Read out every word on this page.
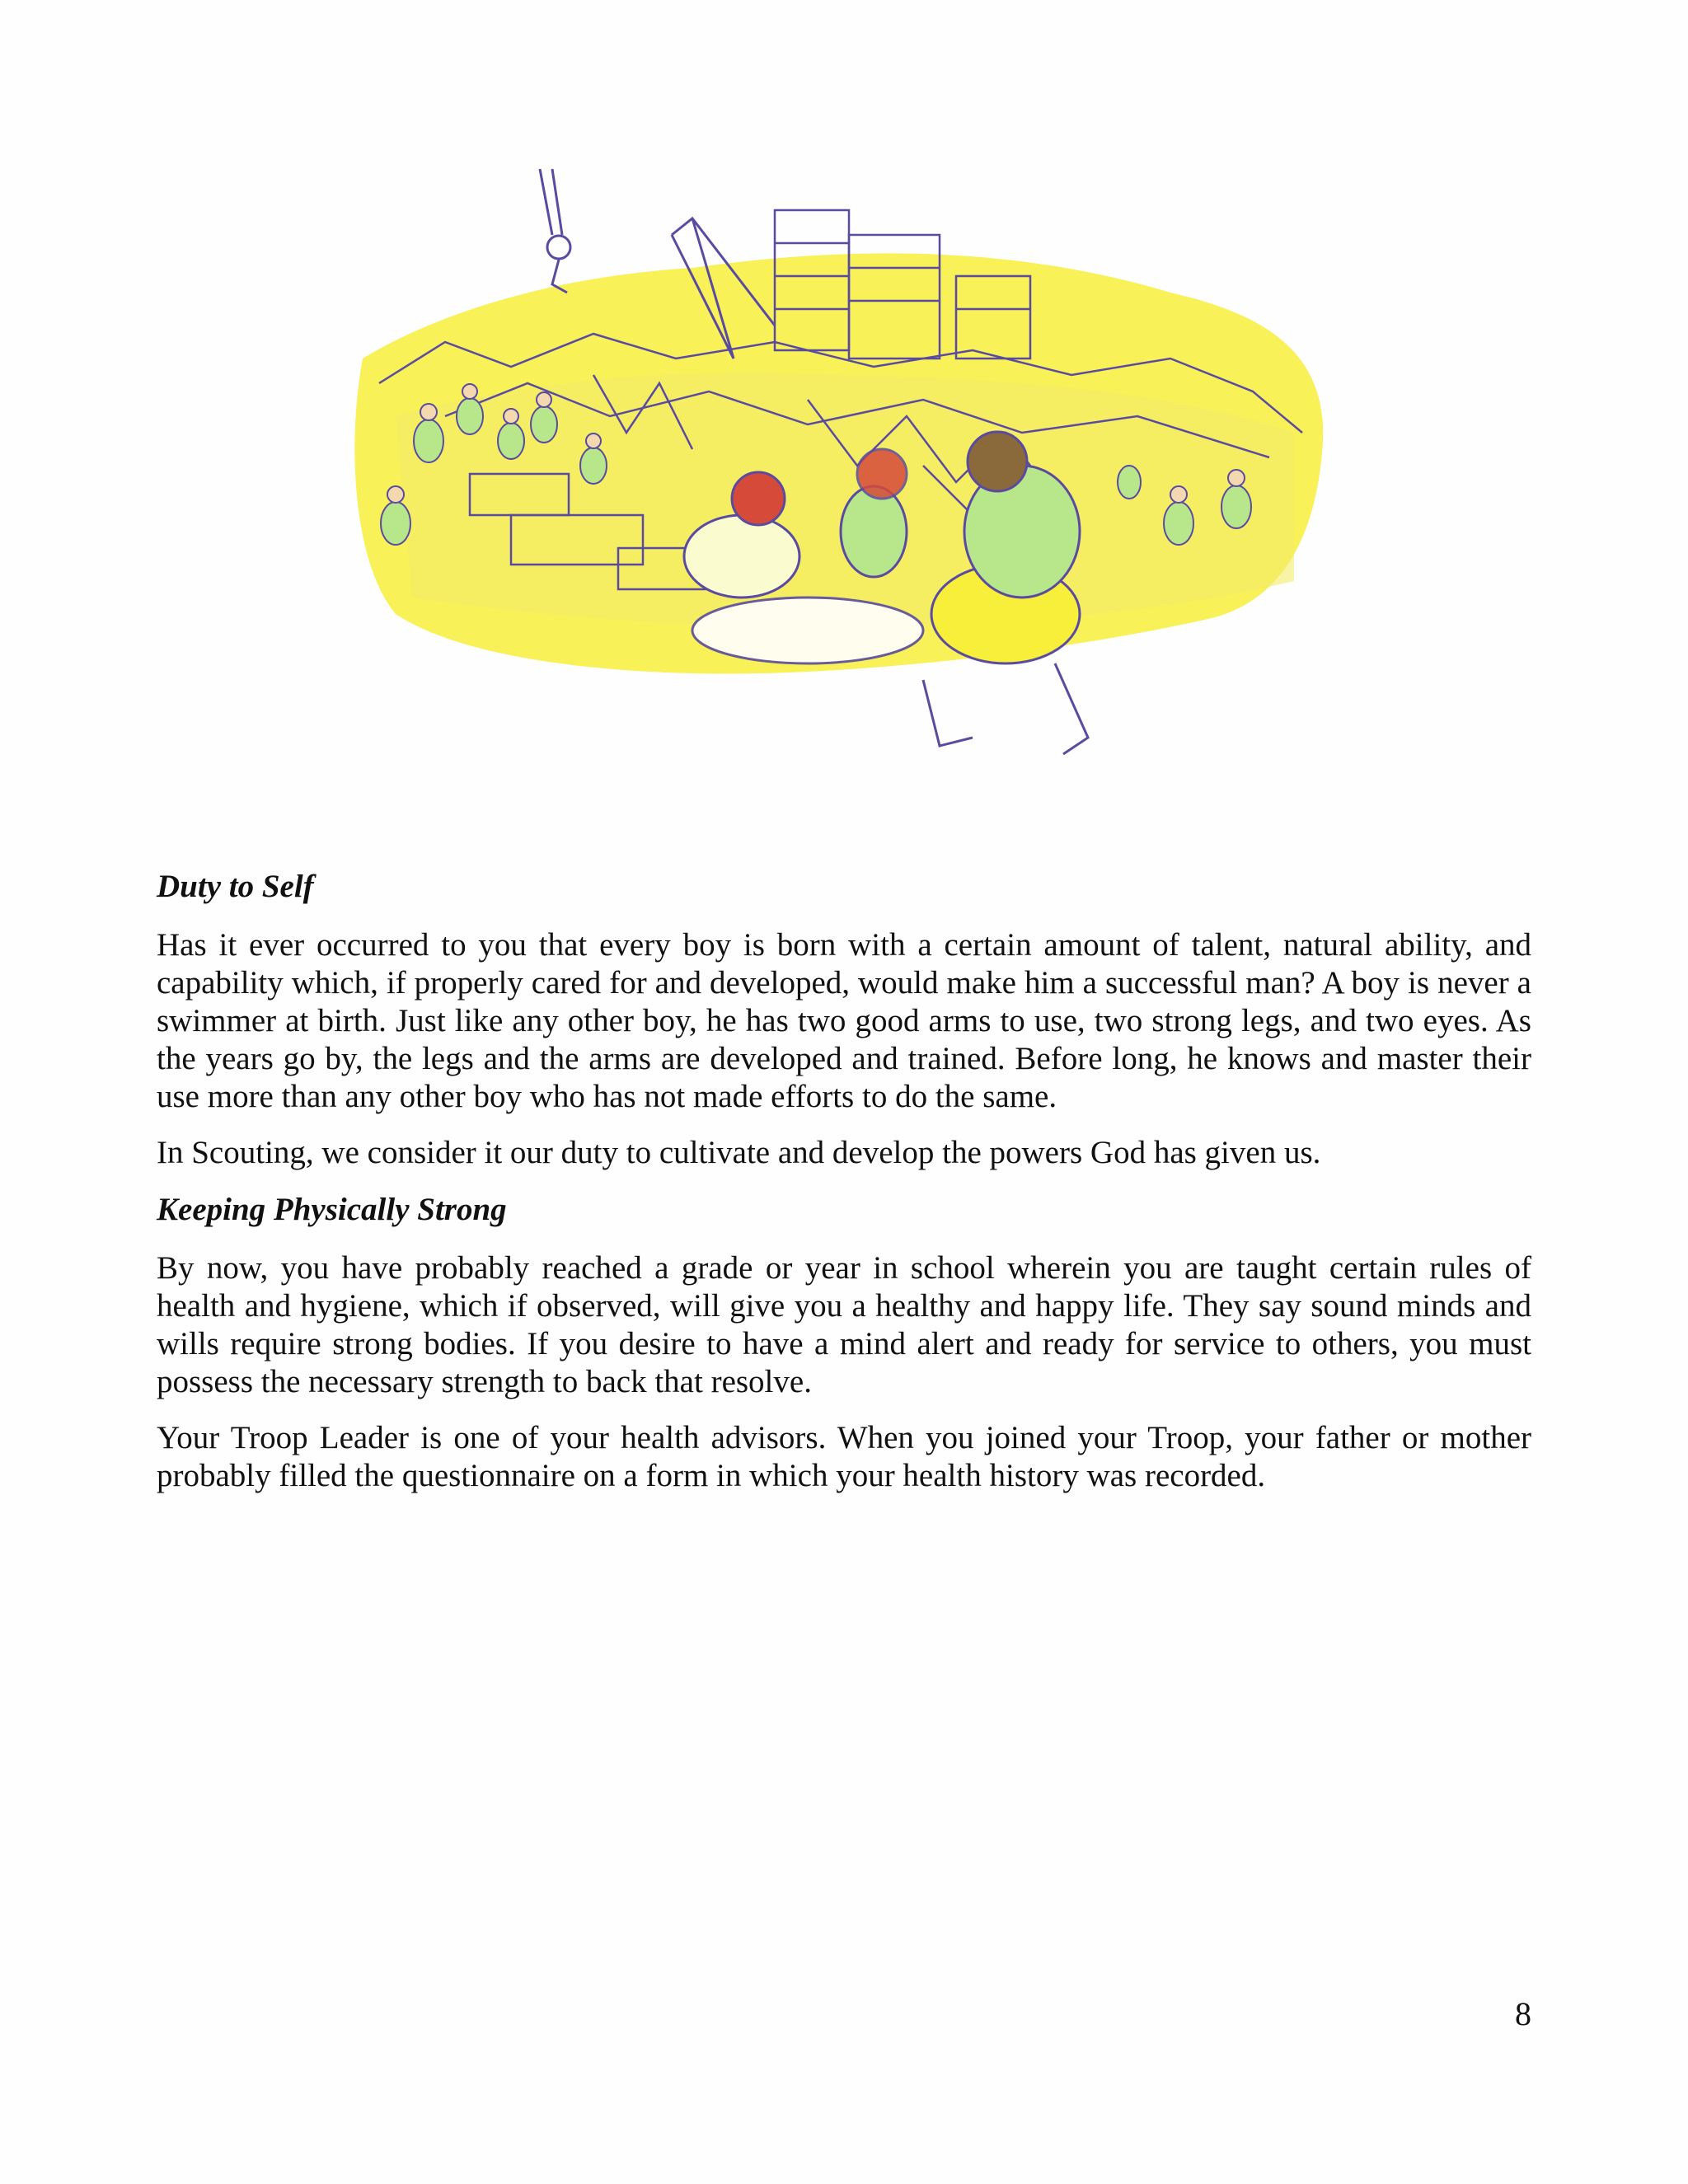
Duty to Self

Has it ever occurred to you that every boy is born with a certain amount of talent, natural ability, and capability which, if properly cared for and developed, would make him a successful man? A boy is never a swimmer at birth. Just like any other boy, he has two good arms to use, two strong legs, and two eyes. As the years go by, the legs and the arms are developed and trained. Before long, he knows and master their use more than any other boy who has not made efforts to do the same.

In Scouting, we consider it our duty to cultivate and develop the powers God has given us.

Keeping Physically Strong

By now, you have probably reached a grade or year in school wherein you are taught certain rules of health and hygiene, which if observed, will give you a healthy and happy life. They say sound minds and wills require strong bodies. If you desire to have a mind alert and ready for service to others, you must possess the necessary strength to back that resolve.

Your Troop Leader is one of your health advisors. When you joined your Troop, your father or mother probably filled the questionnaire on a form in which your health history was recorded.

8
